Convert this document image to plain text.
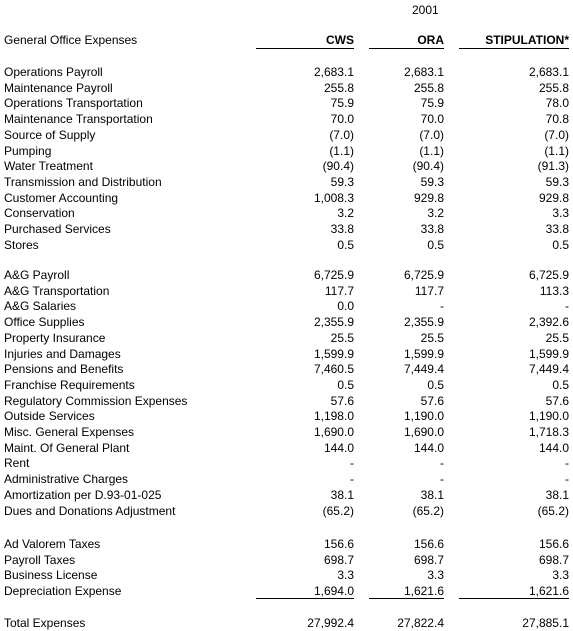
2001
General Office Expenses	CWS	ORA	STIPULATION*
Operations Payroll	2,683.1	2,683.1	2,683.1
Maintenance Payroll	255.8	255.8	255.8
Operations Transportation	75.9	75.9	78.0
Maintenance Transportation	70.0	70.0	70.8
Source of Supply	(7.0)	(7.0)	(7.0)
Pumping	(1.1)	(1.1)	(1.1)
Water Treatment	(90.4)	(90.4)	(91.3)
Transmission and Distribution	59.3	59.3	59.3
Customer Accounting	1,008.3	929.8	929.8
Conservation	3.2	3.2	3.3
Purchased Services	33.8	33.8	33.8
Stores	0.5	0.5	0.5
A&G Payroll	6,725.9	6,725.9	6,725.9
A&G Transportation	117.7	117.7	113.3
A&G Salaries	0.0	-	-
Office Supplies	2,355.9	2,355.9	2,392.6
Property Insurance	25.5	25.5	25.5
Injuries and Damages	1,599.9	1,599.9	1,599.9
Pensions and Benefits	7,460.5	7,449.4	7,449.4
Franchise Requirements	0.5	0.5	0.5
Regulatory Commission Expenses	57.6	57.6	57.6
Outside Services	1,198.0	1,190.0	1,190.0
Misc. General Expenses	1,690.0	1,690.0	1,718.3
Maint. Of General Plant	144.0	144.0	144.0
Rent	-	-	-
Administrative Charges	-	-	-
Amortization per D.93-01-025	38.1	38.1	38.1
Dues and Donations Adjustment	(65.2)	(65.2)	(65.2)
Ad Valorem Taxes	156.6	156.6	156.6
Payroll Taxes	698.7	698.7	698.7
Business License	3.3	3.3	3.3
Depreciation Expense	1,694.0	1,621.6	1,621.6
Total Expenses	27,992.4	27,822.4	27,885.1
